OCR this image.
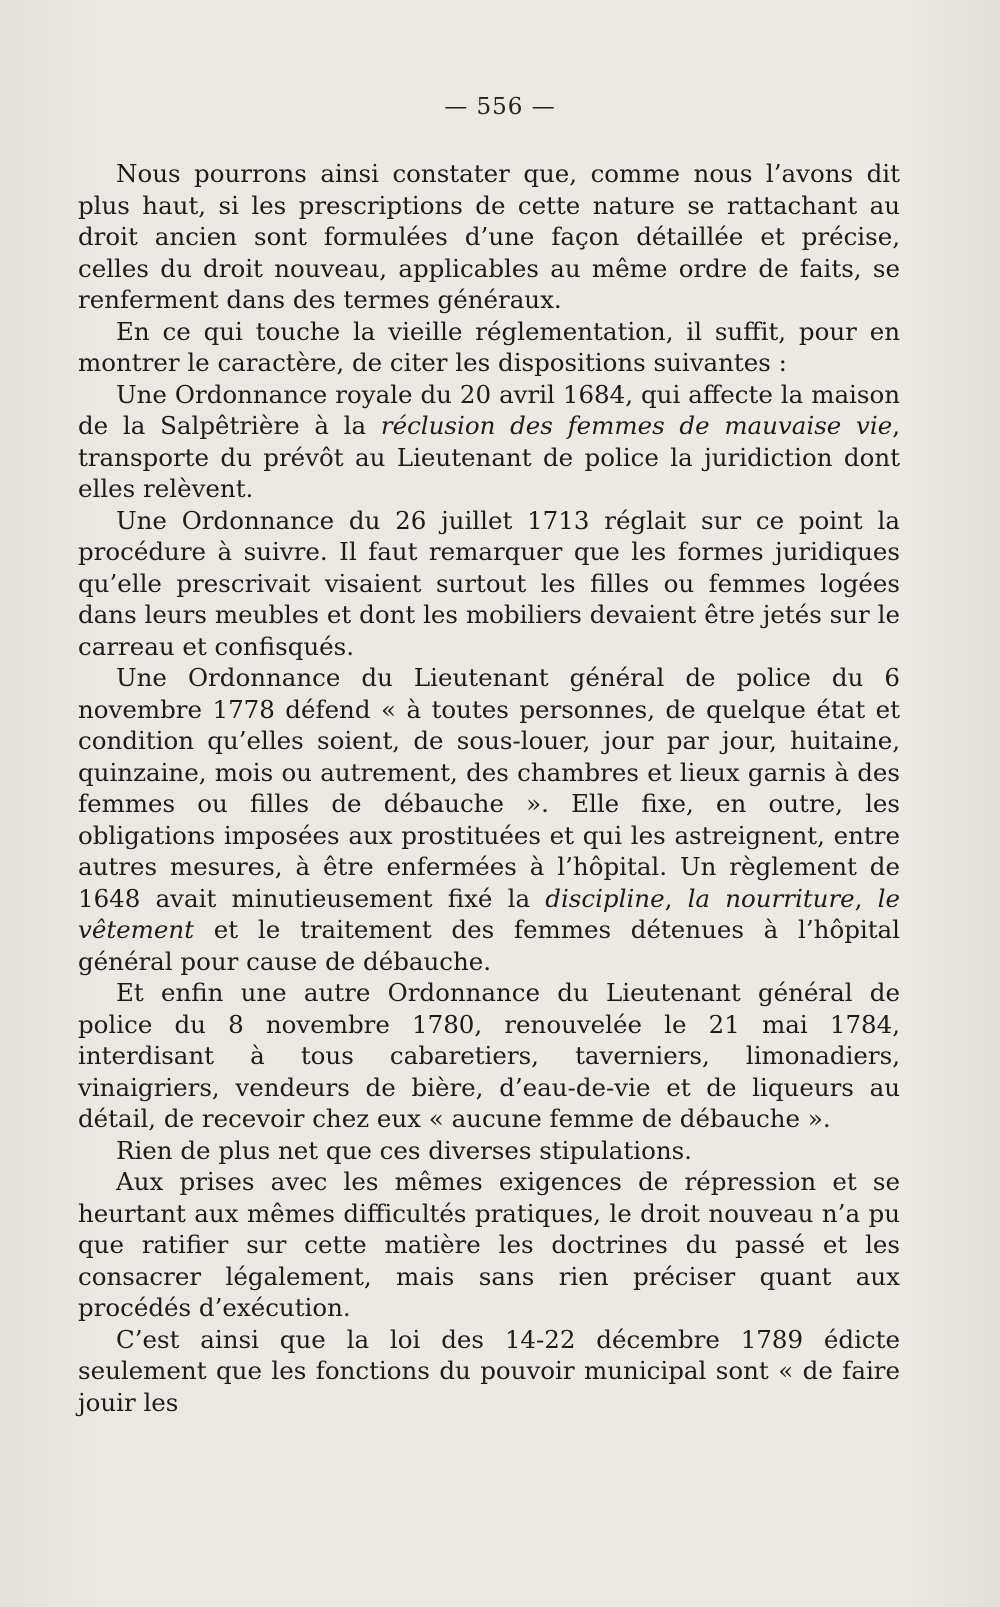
— 556 —

Nous pourrons ainsi constater que, comme nous l’avons dit plus haut, si les prescriptions de cette nature se rattachant au droit ancien sont formulées d’une façon détaillée et précise, celles du droit nouveau, applicables au même ordre de faits, se renferment dans des termes généraux.

En ce qui touche la vieille réglementation, il suffit, pour en montrer le caractère, de citer les dispositions suivantes :

Une Ordonnance royale du 20 avril 1684, qui affecte la maison de la Salpêtrière à la réclusion des femmes de mauvaise vie, transporte du prévôt au Lieutenant de police la juridiction dont elles relèvent.

Une Ordonnance du 26 juillet 1713 réglait sur ce point la procédure à suivre. Il faut remarquer que les formes juridiques qu’elle prescrivait visaient surtout les filles ou femmes logées dans leurs meubles et dont les mobiliers devaient être jetés sur le carreau et confisqués.

Une Ordonnance du Lieutenant général de police du 6 novembre 1778 défend « à toutes personnes, de quelque état et condition qu’elles soient, de sous-louer, jour par jour, huitaine, quinzaine, mois ou autrement, des chambres et lieux garnis à des femmes ou filles de débauche ». Elle fixe, en outre, les obligations imposées aux prostituées et qui les astreignent, entre autres mesures, à être enfermées à l’hôpital. Un règlement de 1648 avait minutieusement fixé la discipline, la nourriture, le vêtement et le traitement des femmes détenues à l’hôpital général pour cause de débauche.

Et enfin une autre Ordonnance du Lieutenant général de police du 8 novembre 1780, renouvelée le 21 mai 1784, interdisant à tous cabaretiers, taverniers, limonadiers, vinaigriers, vendeurs de bière, d’eau-de-vie et de liqueurs au détail, de recevoir chez eux « aucune femme de débauche ».

Rien de plus net que ces diverses stipulations.

Aux prises avec les mêmes exigences de répression et se heurtant aux mêmes difficultés pratiques, le droit nouveau n’a pu que ratifier sur cette matière les doctrines du passé et les consacrer légalement, mais sans rien préciser quant aux procédés d’exécution.

C’est ainsi que la loi des 14-22 décembre 1789 édicte seulement que les fonctions du pouvoir municipal sont « de faire jouir les
